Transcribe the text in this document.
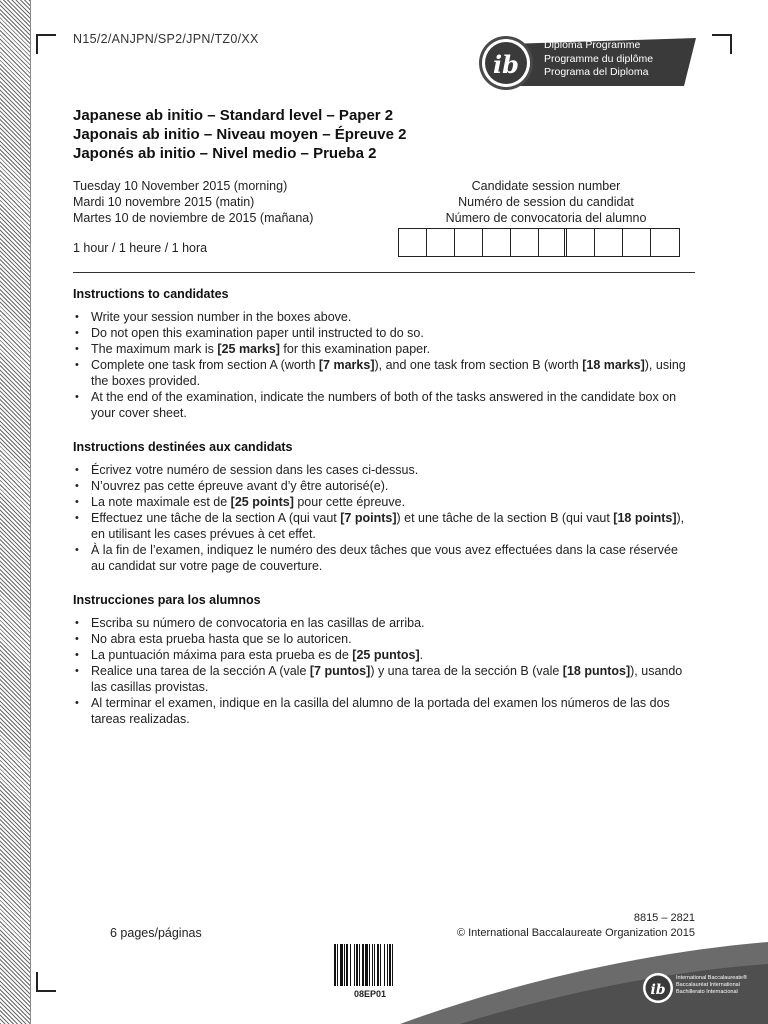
N15/2/ANJPN/SP2/JPN/TZ0/XX
ib
Diploma Programme
Programme du diplôme
Programa del Diploma
Japanese ab initio – Standard level – Paper 2
Japonais ab initio – Niveau moyen – Épreuve 2
Japonés ab initio – Nivel medio – Prueba 2
Tuesday 10 November 2015 (morning)
Mardi 10 novembre 2015 (matin)
Martes 10 de noviembre de 2015 (mañana)
1 hour / 1 heure / 1 hora
Candidate session number
Numéro de session du candidat
Número de convocatoria del alumno
Instructions to candidates
• Write your session number in the boxes above.
• Do not open this examination paper until instructed to do so.
• The maximum mark is [25 marks] for this examination paper.
• Complete one task from section A (worth [7 marks]), and one task from section B (worth [18 marks]), using the boxes provided.
• At the end of the examination, indicate the numbers of both of the tasks answered in the candidate box on your cover sheet.
Instructions destinées aux candidats
• Écrivez votre numéro de session dans les cases ci-dessus.
• N’ouvrez pas cette épreuve avant d’y être autorisé(e).
• La note maximale est de [25 points] pour cette épreuve.
• Effectuez une tâche de la section A (qui vaut [7 points]) et une tâche de la section B (qui vaut [18 points]), en utilisant les cases prévues à cet effet.
• À la fin de l’examen, indiquez le numéro des deux tâches que vous avez effectuées dans la case réservée au candidat sur votre page de couverture.
Instrucciones para los alumnos
• Escriba su número de convocatoria en las casillas de arriba.
• No abra esta prueba hasta que se lo autoricen.
• La puntuación máxima para esta prueba es de [25 puntos].
• Realice una tarea de la sección A (vale [7 puntos]) y una tarea de la sección B (vale [18 puntos]), usando las casillas provistas.
• Al terminar el examen, indique en la casilla del alumno de la portada del examen los números de las dos tareas realizadas.
6 pages/páginas
8815 – 2821
© International Baccalaureate Organization 2015
08EP01	ib
International Baccalaureate®
Baccalauréat International
Bachillerato Internacional
